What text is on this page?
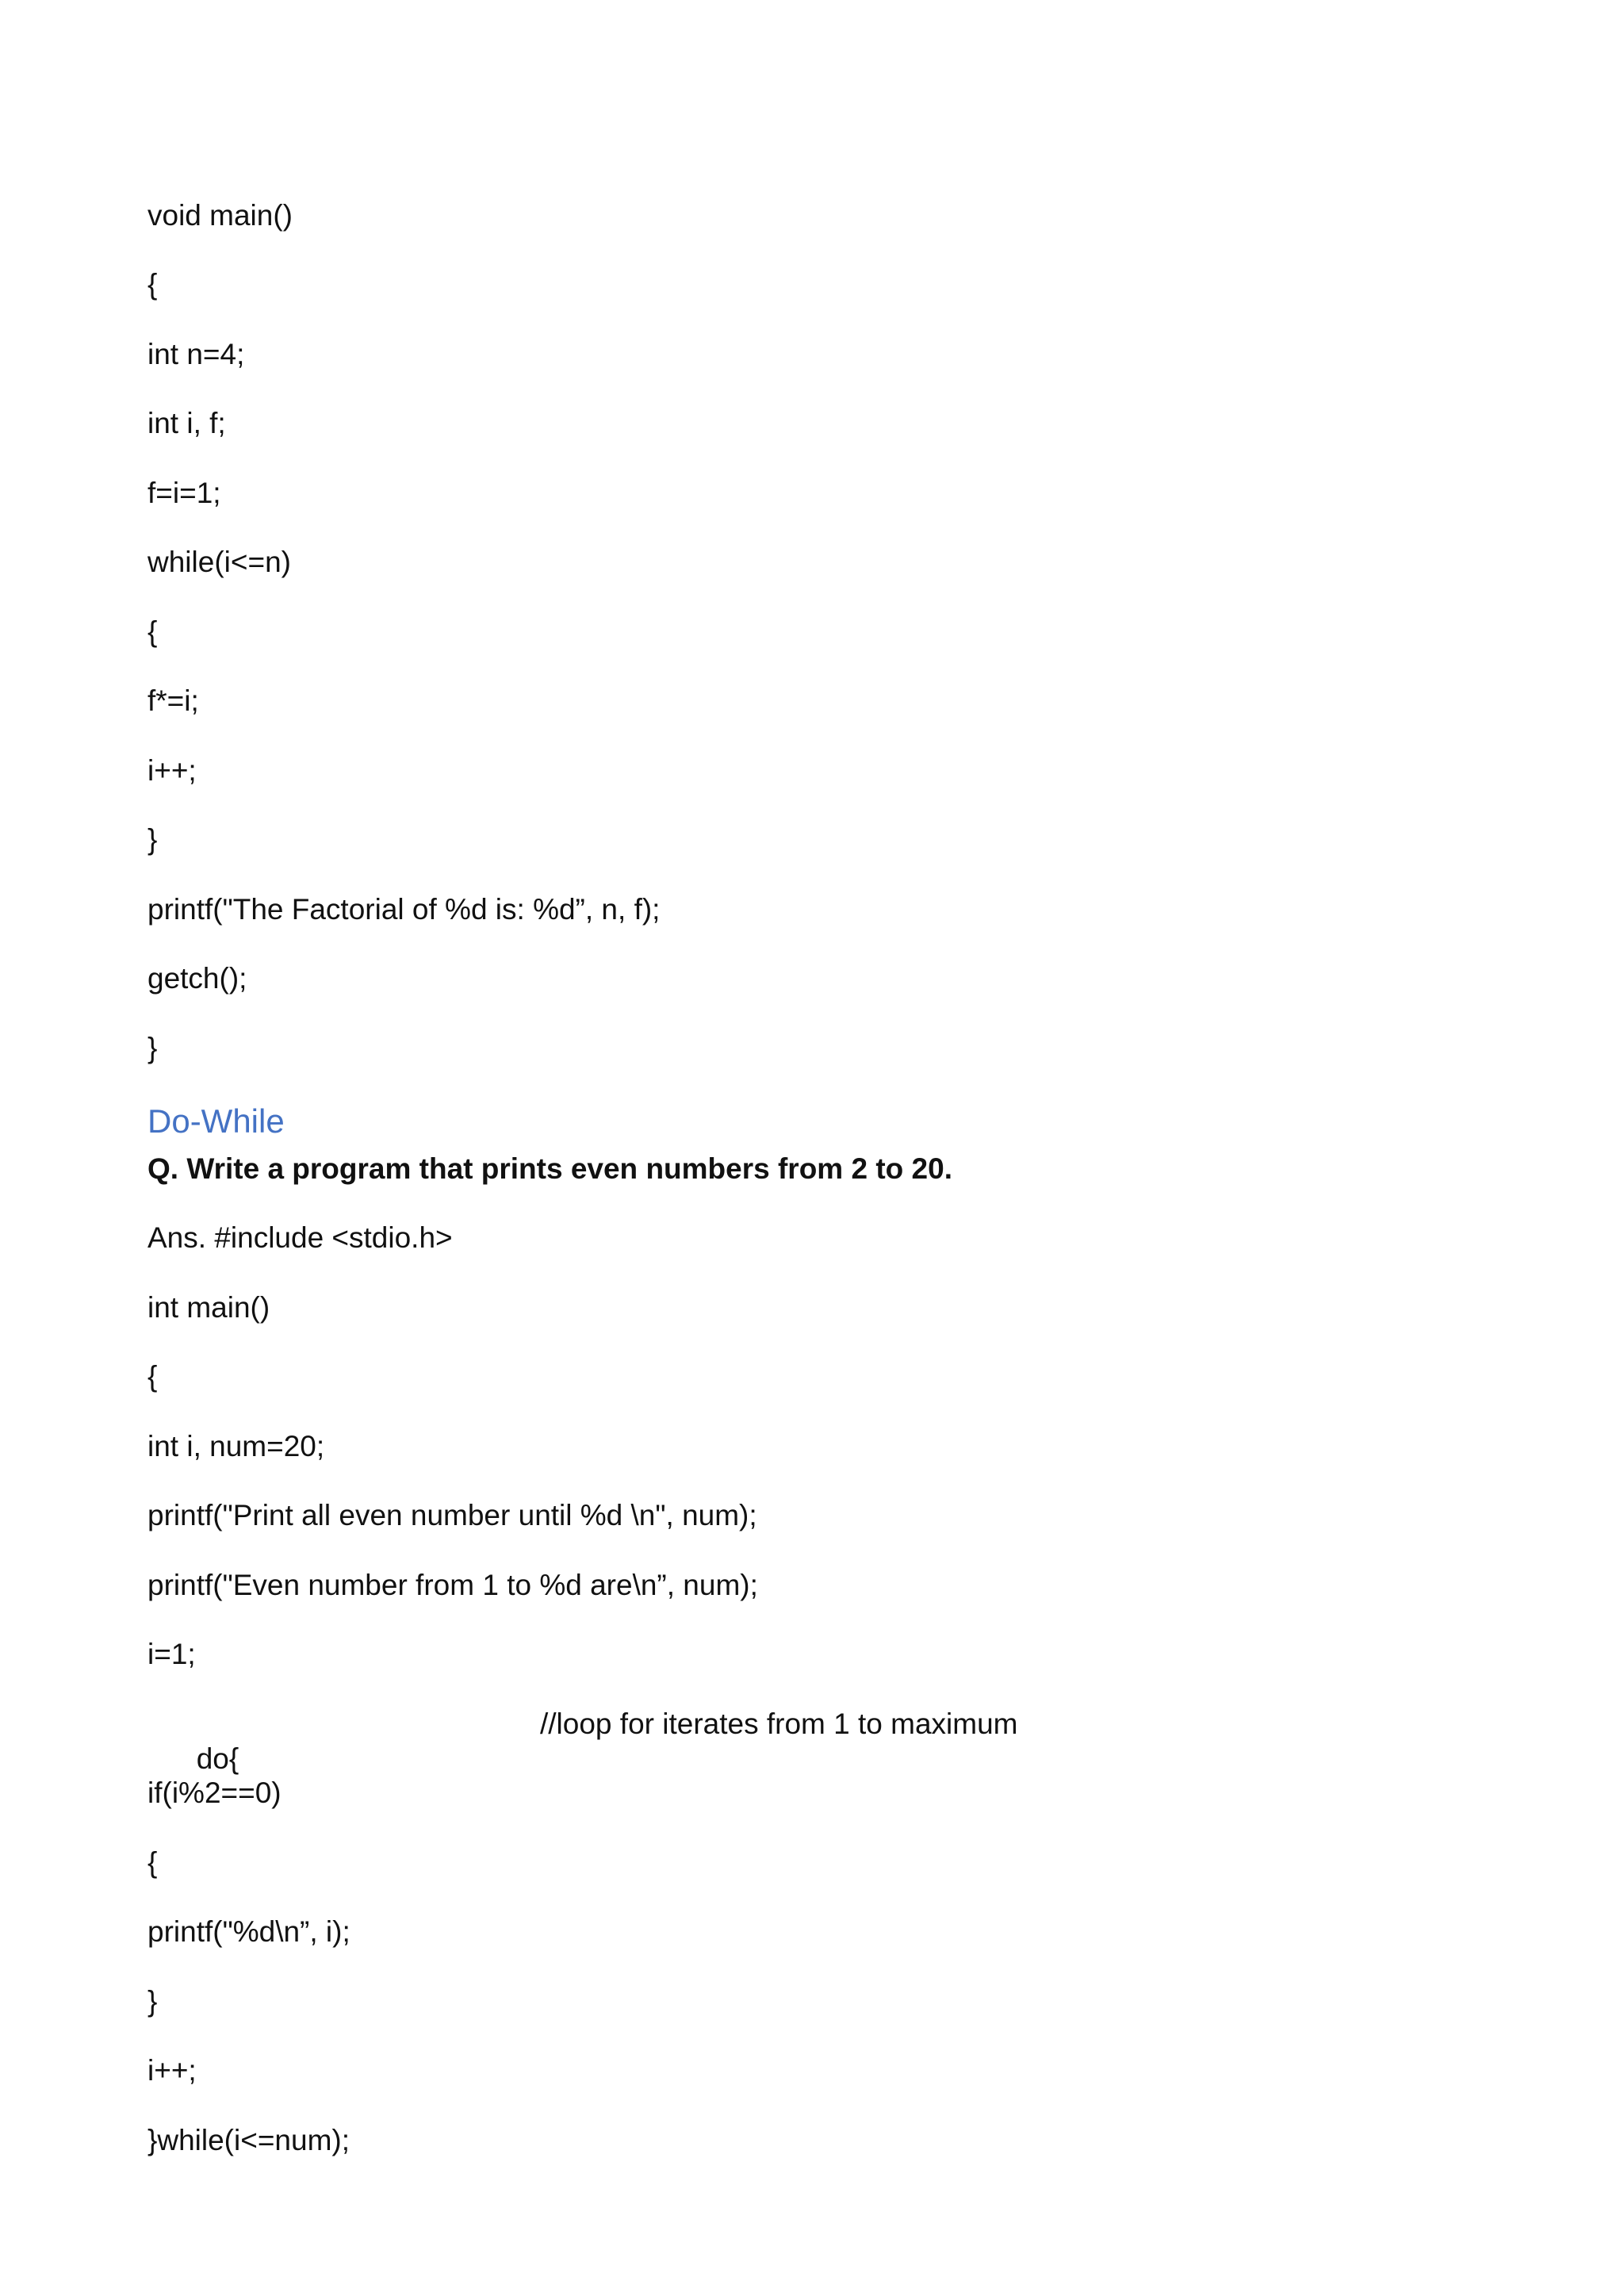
void main()
{
int n=4;
int i, f;
f=i=1;
while(i<=n)
{
f*=i;
i++;
}
printf("The Factorial of %d is: %d”, n, f);
getch();
}
Do-While
Q. Write a program that prints even numbers from 2 to 20.
Ans. #include <stdio.h>
int main()
{
int i, num=20;
printf("Print all even number until %d \n", num);
printf("Even number from 1 to %d are\n”, num);
i=1;

do{

//loop for iterates from 1 to maximum

if(i%2==0)
{
printf("%d\n”, i);
}
i++;
}while(i<=num);
